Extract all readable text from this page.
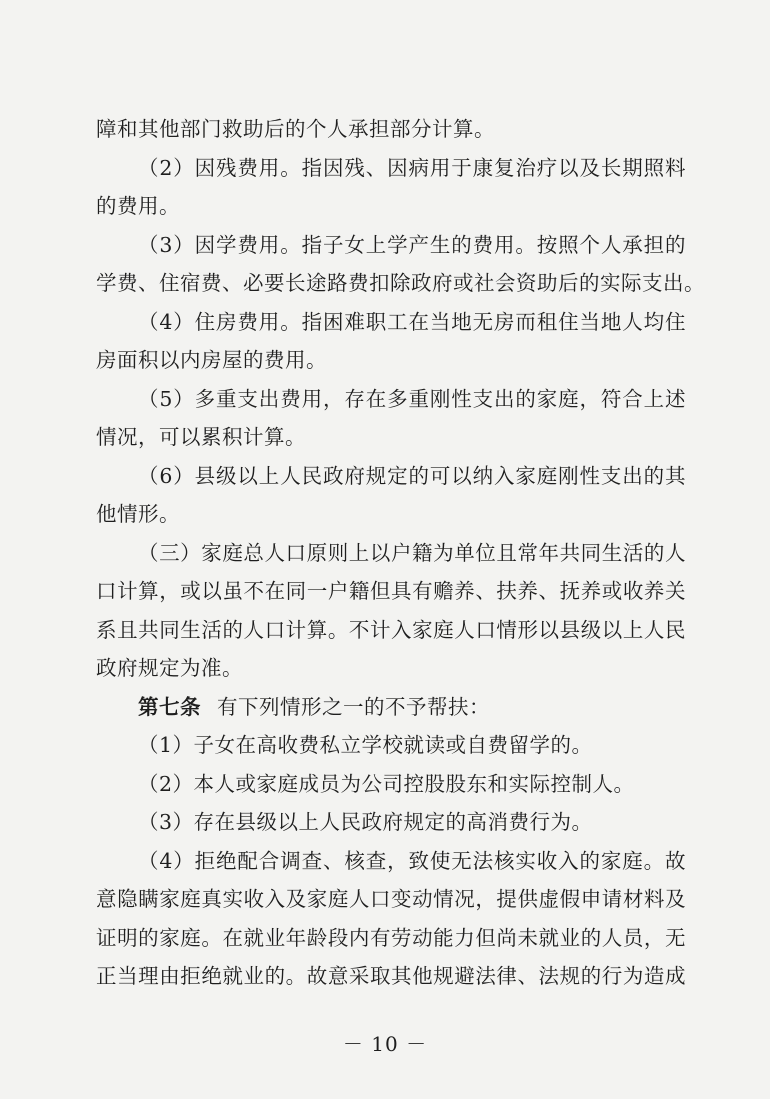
障和其他部门救助后的个人承担部分计算。
（2）因残费用。指因残、因病用于康复治疗以及长期照料
的费用。
（3）因学费用。指子女上学产生的费用。按照个人承担的
学费、住宿费、必要长途路费扣除政府或社会资助后的实际支出。
（4）住房费用。指困难职工在当地无房而租住当地人均住
房面积以内房屋的费用。
（5）多重支出费用，存在多重刚性支出的家庭，符合上述
情况，可以累积计算。
（6）县级以上人民政府规定的可以纳入家庭刚性支出的其
他情形。
（三）家庭总人口原则上以户籍为单位且常年共同生活的人
口计算，或以虽不在同一户籍但具有赡养、扶养、抚养或收养关
系且共同生活的人口计算。不计入家庭人口情形以县级以上人民
政府规定为准。
第七条 有下列情形之一的不予帮扶：
（1）子女在高收费私立学校就读或自费留学的。
（2）本人或家庭成员为公司控股股东和实际控制人。
（3）存在县级以上人民政府规定的高消费行为。
（4）拒绝配合调查、核查，致使无法核实收入的家庭。故
意隐瞒家庭真实收入及家庭人口变动情况，提供虚假申请材料及
证明的家庭。在就业年龄段内有劳动能力但尚未就业的人员，无
正当理由拒绝就业的。故意采取其他规避法律、法规的行为造成
－ 10 －
